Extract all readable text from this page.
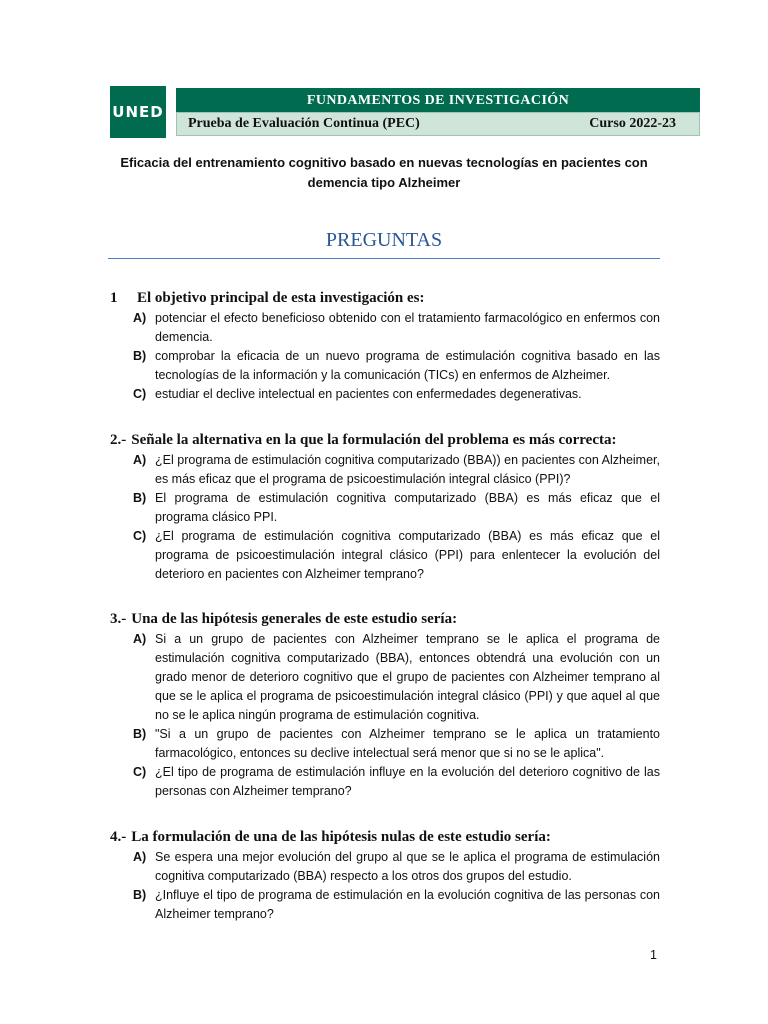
UNED
FUNDAMENTOS DE INVESTIGACIÓN
Prueba de Evaluación Continua (PEC)	Curso 2022-23
Eficacia del entrenamiento cognitivo basado en nuevas tecnologías en pacientes con
demencia tipo Alzheimer
PREGUNTAS
1	El objetivo principal de esta investigación es:
A) potenciar el efecto beneficioso obtenido con el tratamiento farmacológico en enfermos con demencia.
B) comprobar la eficacia de un nuevo programa de estimulación cognitiva basado en las tecnologías de la información y la comunicación (TICs) en enfermos de Alzheimer.
C) estudiar el declive intelectual en pacientes con enfermedades degenerativas.
2.- Señale la alternativa en la que la formulación del problema es más correcta:
A) ¿El programa de estimulación cognitiva computarizado (BBA)) en pacientes con Alzheimer, es más eficaz que el programa de psicoestimulación integral clásico (PPI)?
B) El programa de estimulación cognitiva computarizado (BBA) es más eficaz que el programa clásico PPI.
C) ¿El programa de estimulación cognitiva computarizado (BBA) es más eficaz que el programa de psicoestimulación integral clásico (PPI) para enlentecer la evolución del deterioro en pacientes con Alzheimer temprano?
3.- Una de las hipótesis generales de este estudio sería:
A) Si a un grupo de pacientes con Alzheimer temprano se le aplica el programa de estimulación cognitiva computarizado (BBA), entonces obtendrá una evolución con un grado menor de deterioro cognitivo que el grupo de pacientes con Alzheimer temprano al que se le aplica el programa de psicoestimulación integral clásico (PPI) y que aquel al que no se le aplica ningún programa de estimulación cognitiva.
B) "Si a un grupo de pacientes con Alzheimer temprano se le aplica un tratamiento farmacológico, entonces su declive intelectual será menor que si no se le aplica".
C) ¿El tipo de programa de estimulación influye en la evolución del deterioro cognitivo de las personas con Alzheimer temprano?
4.- La formulación de una de las hipótesis nulas de este estudio sería:
A) Se espera una mejor evolución del grupo al que se le aplica el programa de estimulación cognitiva computarizado (BBA) respecto a los otros dos grupos del estudio.
B) ¿Influye el tipo de programa de estimulación en la evolución cognitiva de las personas con Alzheimer temprano?
1
